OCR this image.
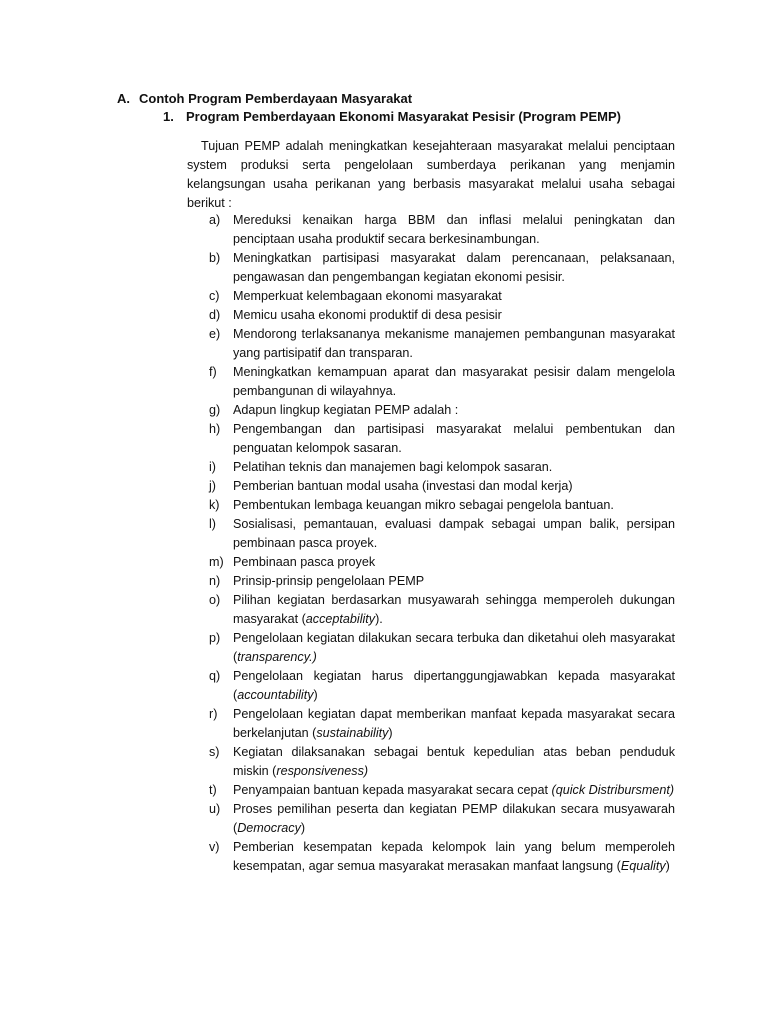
A. Contoh Program Pemberdayaan Masyarakat
1. Program Pemberdayaan Ekonomi Masyarakat Pesisir (Program PEMP)

Tujuan PEMP adalah meningkatkan kesejahteraan masyarakat melalui penciptaan system produksi serta pengelolaan sumberdaya perikanan yang menjamin kelangsungan usaha perikanan yang berbasis masyarakat melalui usaha sebagai berikut :

a)	Mereduksi kenaikan harga BBM dan inflasi melalui peningkatan dan penciptaan usaha produktif secara berkesinambungan.
b)	Meningkatkan partisipasi masyarakat dalam perencanaan, pelaksanaan, pengawasan dan pengembangan kegiatan ekonomi pesisir.
c)	Memperkuat kelembagaan ekonomi masyarakat
d)	Memicu usaha ekonomi produktif di desa pesisir
e)	Mendorong terlaksananya mekanisme manajemen pembangunan masyarakat yang partisipatif dan transparan.
f)	Meningkatkan kemampuan aparat dan masyarakat pesisir dalam mengelola pembangunan di wilayahnya.
g)	Adapun lingkup kegiatan PEMP adalah :
h)	Pengembangan dan partisipasi masyarakat melalui pembentukan dan penguatan kelompok sasaran.
i)	Pelatihan teknis dan manajemen bagi kelompok sasaran.
j)	Pemberian bantuan modal usaha (investasi dan modal kerja)
k)	Pembentukan lembaga keuangan mikro sebagai pengelola bantuan.
l)	Sosialisasi, pemantauan, evaluasi dampak sebagai umpan balik, persipan pembinaan pasca proyek.
m) Pembinaan pasca proyek
n)	Prinsip-prinsip pengelolaan PEMP
o)	Pilihan kegiatan berdasarkan musyawarah sehingga memperoleh dukungan masyarakat (acceptability).
p)	Pengelolaan kegiatan dilakukan secara terbuka dan diketahui oleh masyarakat (transparency.)
q)	Pengelolaan kegiatan harus dipertanggungjawabkan kepada masyarakat (accountability)
r)	Pengelolaan kegiatan dapat memberikan manfaat kepada masyarakat secara berkelanjutan (sustainability)
s)	Kegiatan dilaksanakan sebagai bentuk kepedulian atas beban penduduk miskin (responsiveness)
t)	Penyampaian bantuan kepada masyarakat secara cepat (quick Distribursment)
u)	Proses pemilihan peserta dan kegiatan PEMP dilakukan secara musyawarah (Democracy)
v)	Pemberian kesempatan kepada kelompok lain yang belum memperoleh kesempatan, agar semua masyarakat merasakan manfaat langsung (Equality)
